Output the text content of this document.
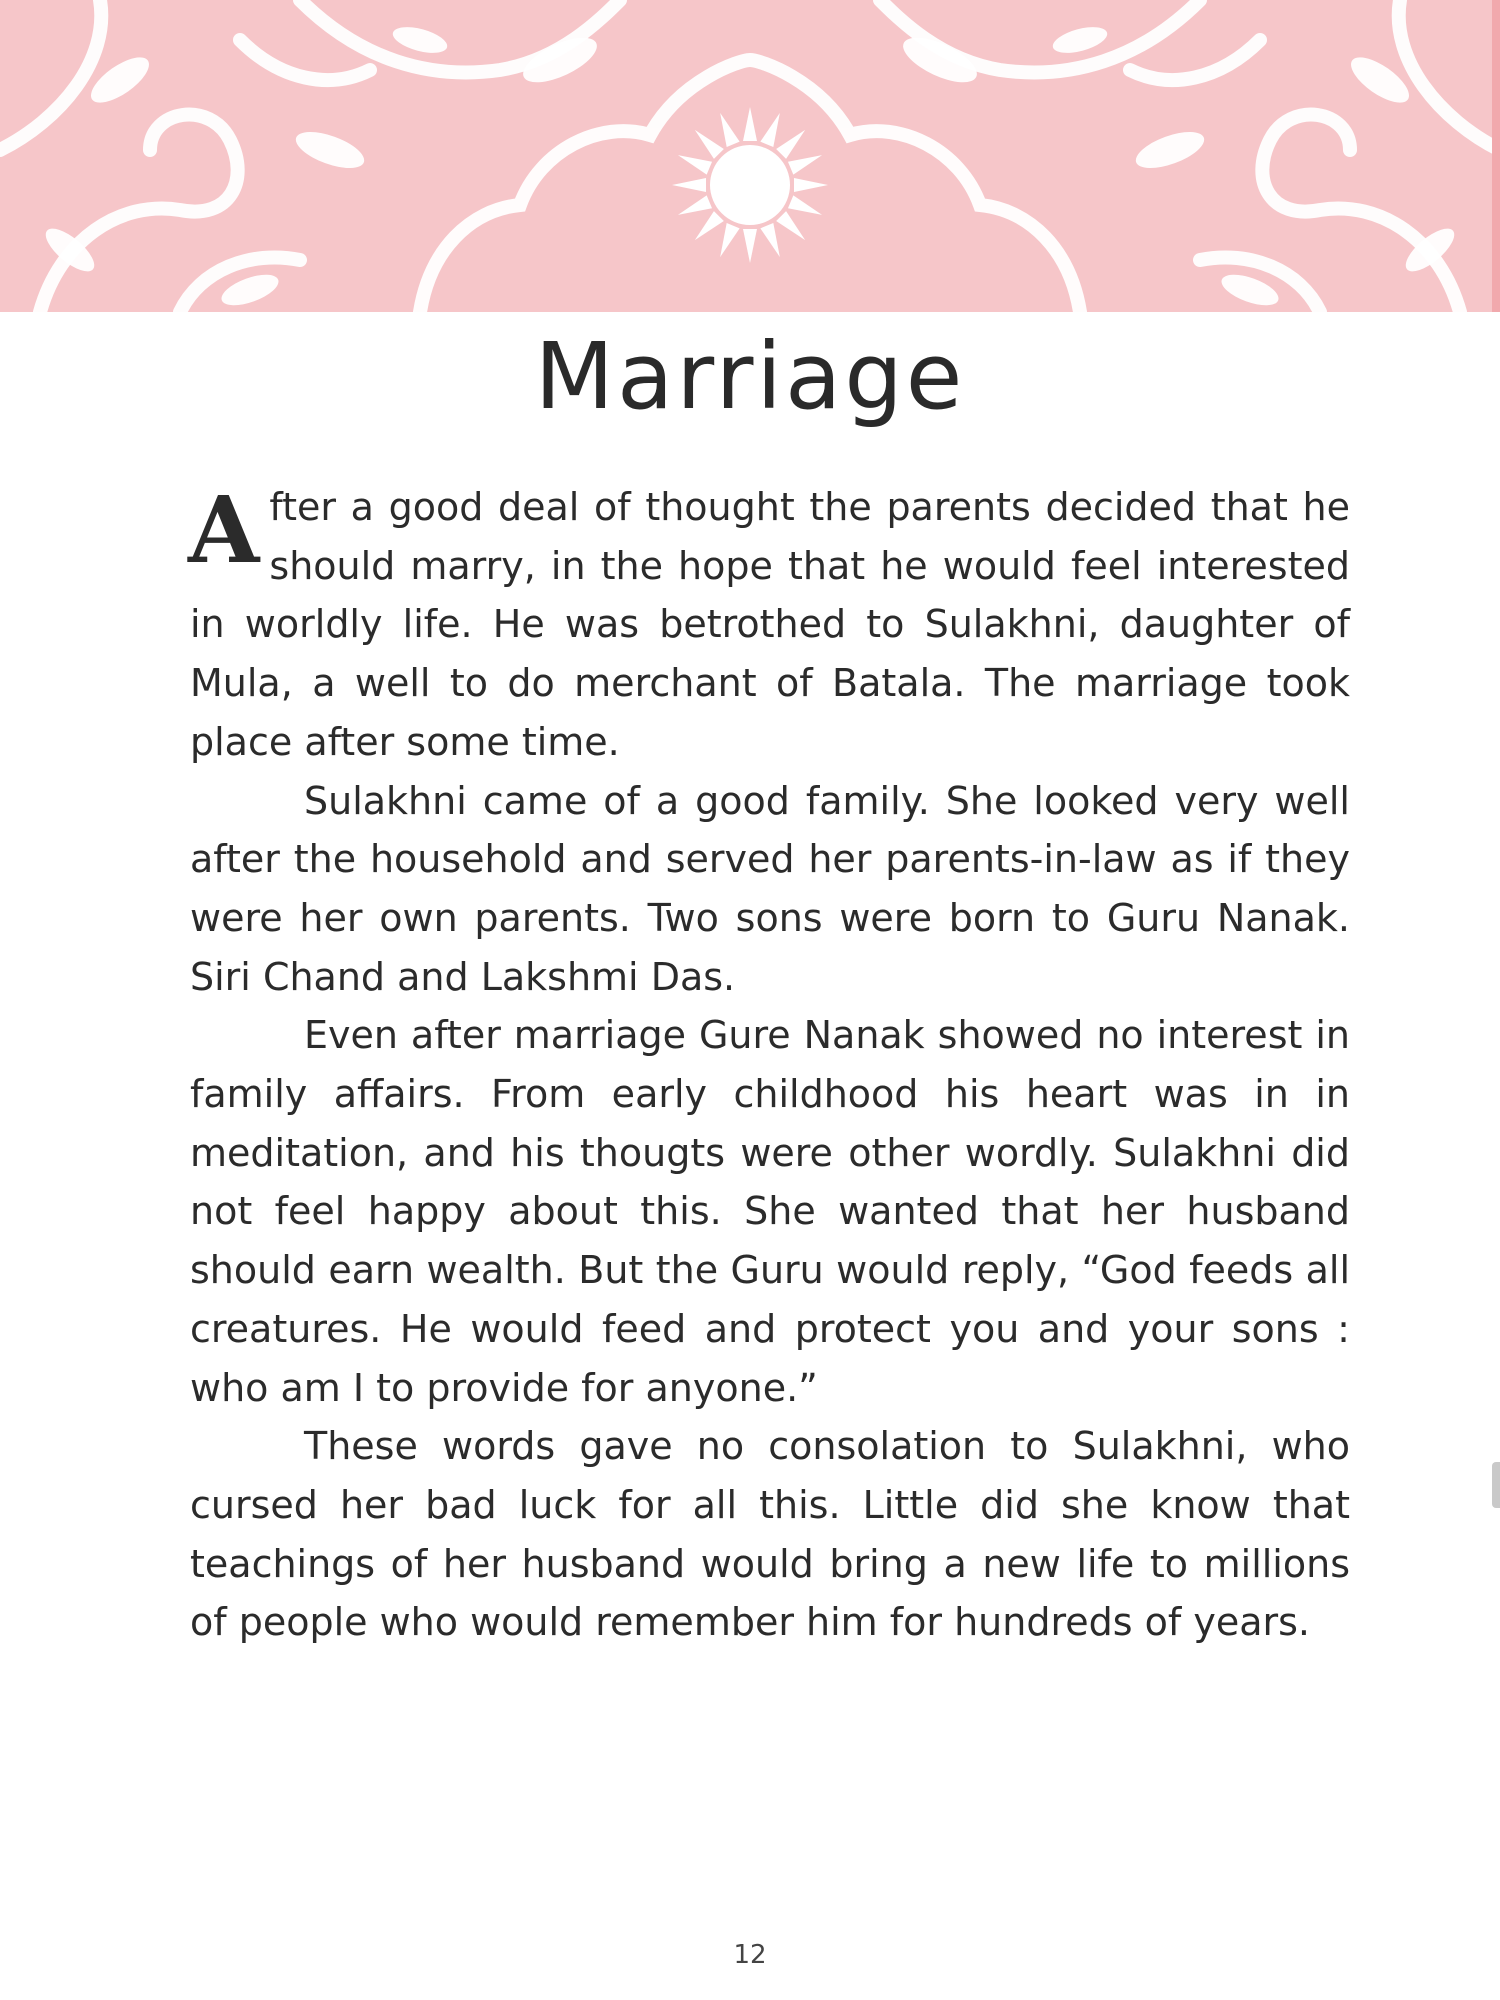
Marriage

After a good deal of thought the parents decided that he should marry, in the hope that he would feel interested in worldly life. He was betrothed to Sulakhni, daughter of Mula, a well to do merchant of Batala. The marriage took place after some time.

Sulakhni came of a good family. She looked very well after the household and served her parents-in-law as if they were her own parents. Two sons were born to Guru Nanak. Siri Chand and Lakshmi Das.

Even after marriage Gure Nanak showed no interest in family affairs. From early childhood his heart was in in meditation, and his thougts were other wordly. Sulakhni did not feel happy about this. She wanted that her husband should earn wealth. But the Guru would reply, “God feeds all creatures. He would feed and protect you and your sons : who am I to provide for anyone.”

These words gave no consolation to Sulakhni, who cursed her bad luck for all this. Little did she know that teachings of her husband would bring a new life to millions of people who would remember him for hundreds of years.

12
